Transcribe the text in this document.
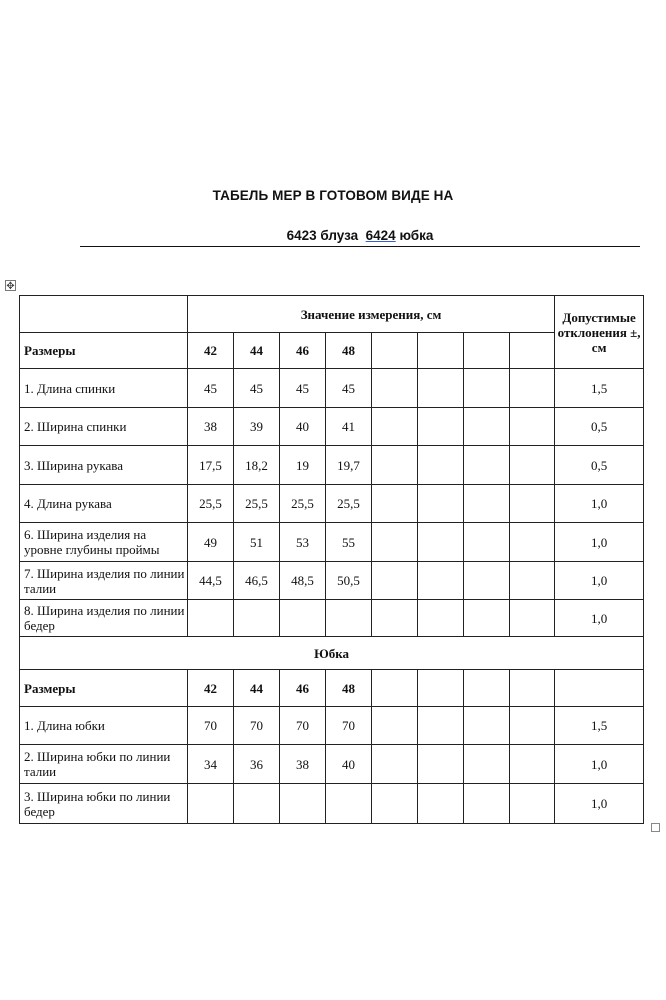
ТАБЕЛЬ МЕР В ГОТОВОМ ВИДЕ НА
6423 блуза 6424 юбка
✥
	Значение измерения, см								Допустимые отклонения ±, см
Размеры	42	44	46	48					
1. Длина спинки	45	45	45	45					1,5
2. Ширина спинки	38	39	40	41					0,5
3. Ширина рукава	17,5	18,2	19	19,7					0,5
4. Длина рукава	25,5	25,5	25,5	25,5					1,0
6. Ширина изделия на уровне глубины проймы	49	51	53	55					1,0
7. Ширина изделия по линии талии	44,5	46,5	48,5	50,5					1,0
8. Ширина изделия по линии бедер									1,0
Юбка									
Размеры	42	44	46	48					
1. Длина юбки	70	70	70	70					1,5
2. Ширина юбки по линии талии	34	36	38	40					1,0
3. Ширина юбки по линии бедер									1,0
